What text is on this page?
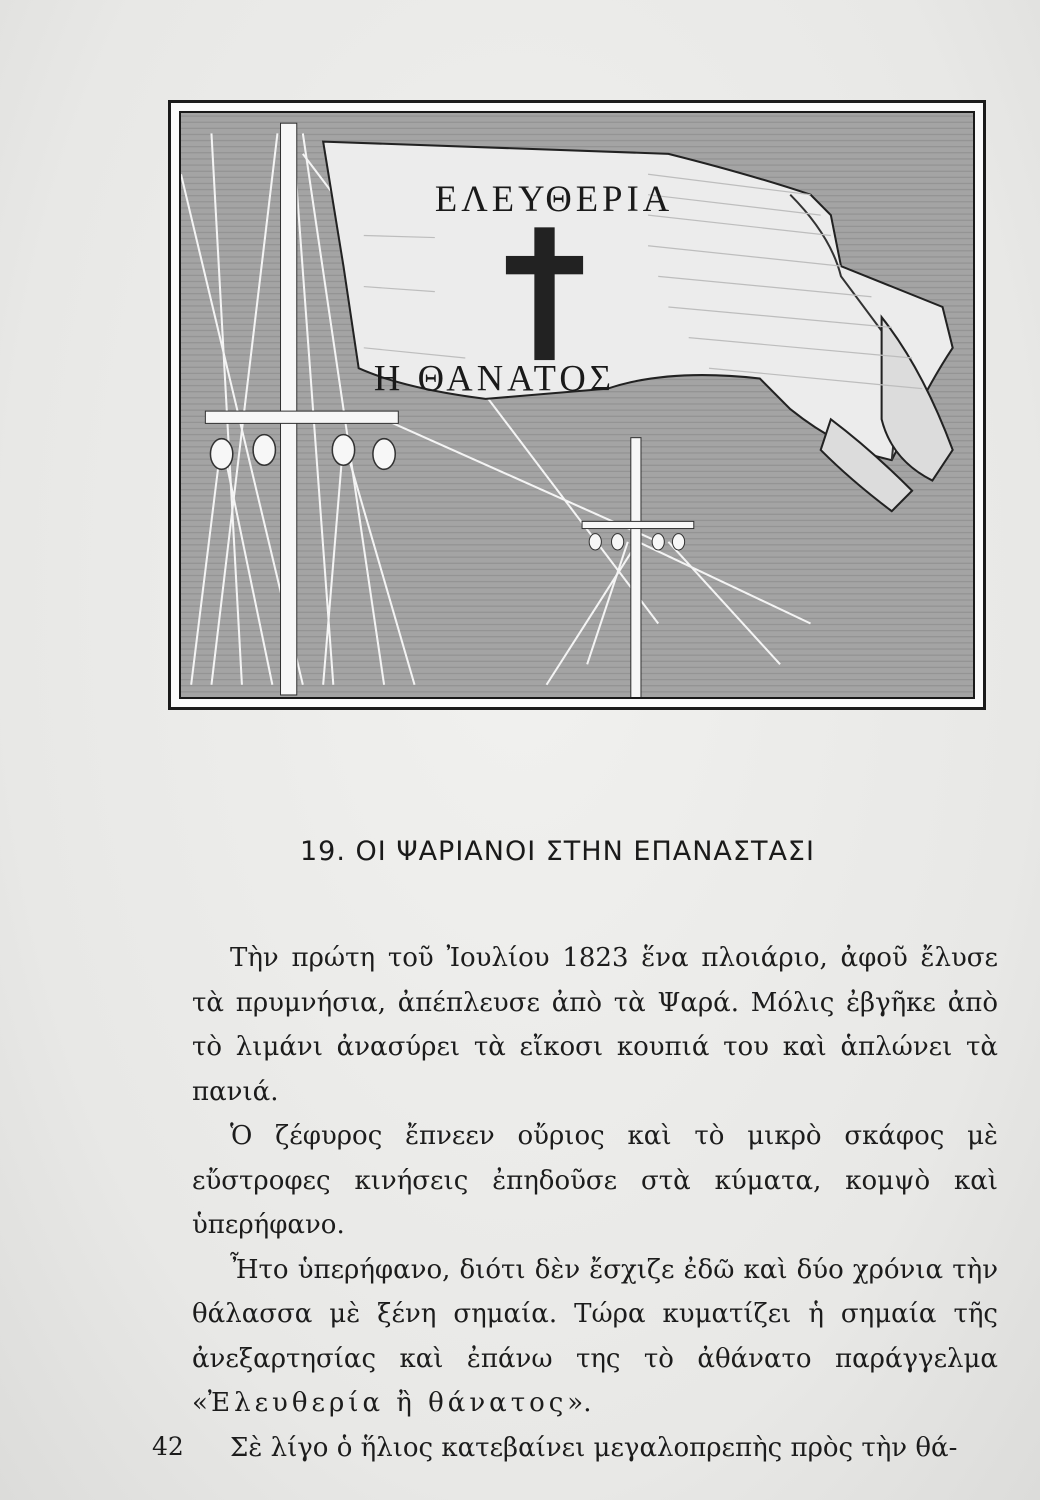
ΕΛΕΥΘΕΡΙΑ
Η ΘΑΝΑΤΟΣ
19. ΟΙ ΨΑΡΙΑΝΟΙ ΣΤΗΝ ΕΠΑΝΑΣΤΑΣΙ

Τὴν πρώτη τοῦ Ἰουλίου 1823 ἕνα πλοιάριο, ἀφοῦ ἔλυσε τὰ πρυμνήσια, ἀπέπλευσε ἀπὸ τὰ Ψαρά. Μόλις ἐβγῆκε ἀπὸ τὸ λιμάνι ἀνασύρει τὰ εἴκοσι κουπιά του καὶ ἁπλώνει τὰ πανιά.

Ὁ ζέφυρος ἔπνεεν οὔριος καὶ τὸ μικρὸ σκάφος μὲ εὔστροφες κινήσεις ἐπηδοῦσε στὰ κύματα, κομψὸ καὶ ὑπερήφανο.

Ἦτο ὑπερήφανο, διότι δὲν ἔσχιζε ἐδῶ καὶ δύο χρόνια τὴν θάλασσα μὲ ξένη σημαία. Τώρα κυματίζει ἡ σημαία τῆς ἀνεξαρτησίας καὶ ἐπάνω της τὸ ἀθάνατο παράγγελμα «Ἐλευθερία ἢ θάνατος».

Σὲ λίγο ὁ ἥλιος κατεβαίνει μεγαλοπρεπὴς πρὸς τὴν θά-

42
